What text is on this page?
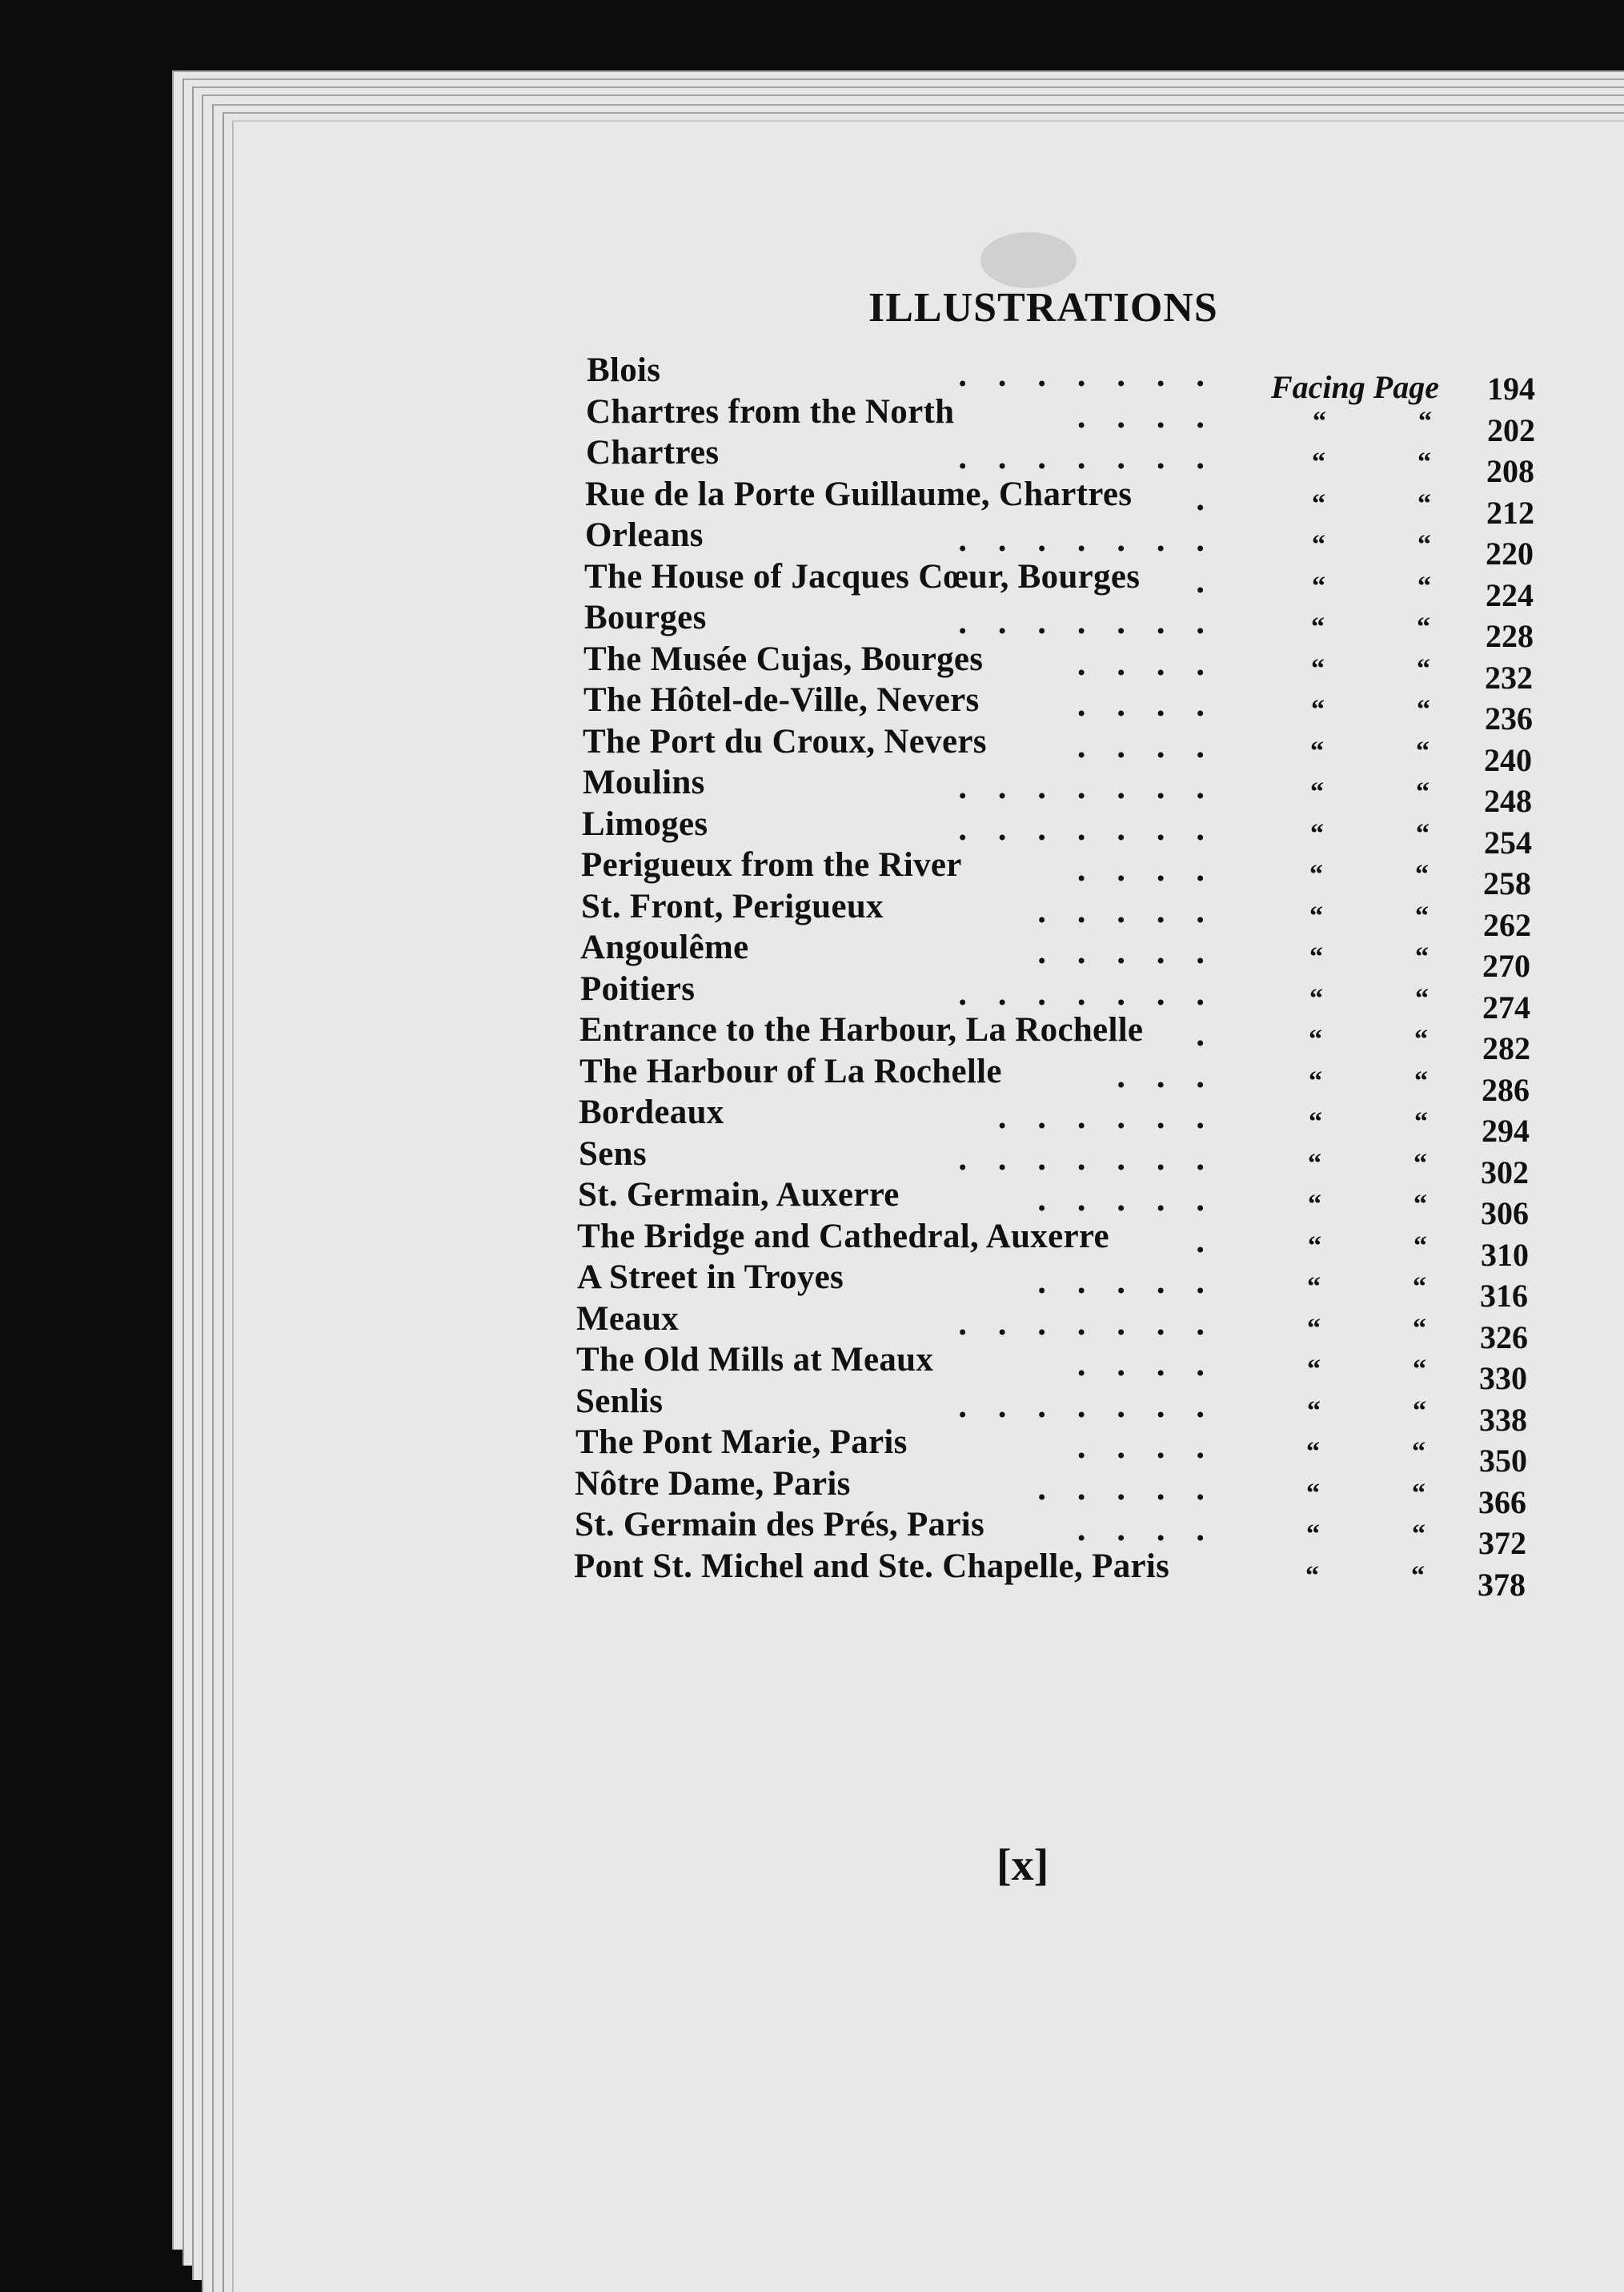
ILLUSTRATIONS
Blois	. . . . . . . Facing Page 194
Chartres from the North	. . . .	“	“ 202
Chartres	. . . . . . .	“	“ 208
Rue de la Porte Guillaume, Chartres .	“	“ 212
Orleans	. . . . . . .	“	“ 220
The House of Jacques Cœur, Bourges .	“	“ 224
Bourges	. . . . . . .	“	“ 228
The Musée Cujas, Bourges	. . . .	“	“ 232
The Hôtel-de-Ville, Nevers	. . . .	“	“ 236
The Port du Croux, Nevers	. . . .	“	“ 240
Moulins	. . . . . . .	“	“ 248
Limoges	. . . . . . .	“	“ 254
Perigueux from the River	. . . .	“	“ 258
St. Front, Perigueux	. . . . .	“	“ 262
Angoulême	. . . . .	“	“ 270
Poitiers	. . . . . . .	“	“ 274
Entrance to the Harbour, La Rochelle .	“	“ 282
The Harbour of La Rochelle	. . .	“	“ 286
Bordeaux	. . . . . .	“	“ 294
Sens	. . . . . . .	“	“ 302
St. Germain, Auxerre	. . . . .	“	“ 306
The Bridge and Cathedral, Auxerre	.	“	“ 310
A Street in Troyes	. . . . .	“	“ 316
Meaux	. . . . . . .	“	“ 326
The Old Mills at Meaux	. . . .	“	“ 330
Senlis	. . . . . . .	“	“ 338
The Pont Marie, Paris	. . . .	“	“ 350
Nôtre Dame, Paris	. . . . .	“	“ 366
St. Germain des Prés, Paris	. . . .	“	“ 372
Pont St. Michel and Ste. Chapelle, Paris	“	“ 378
[x]
